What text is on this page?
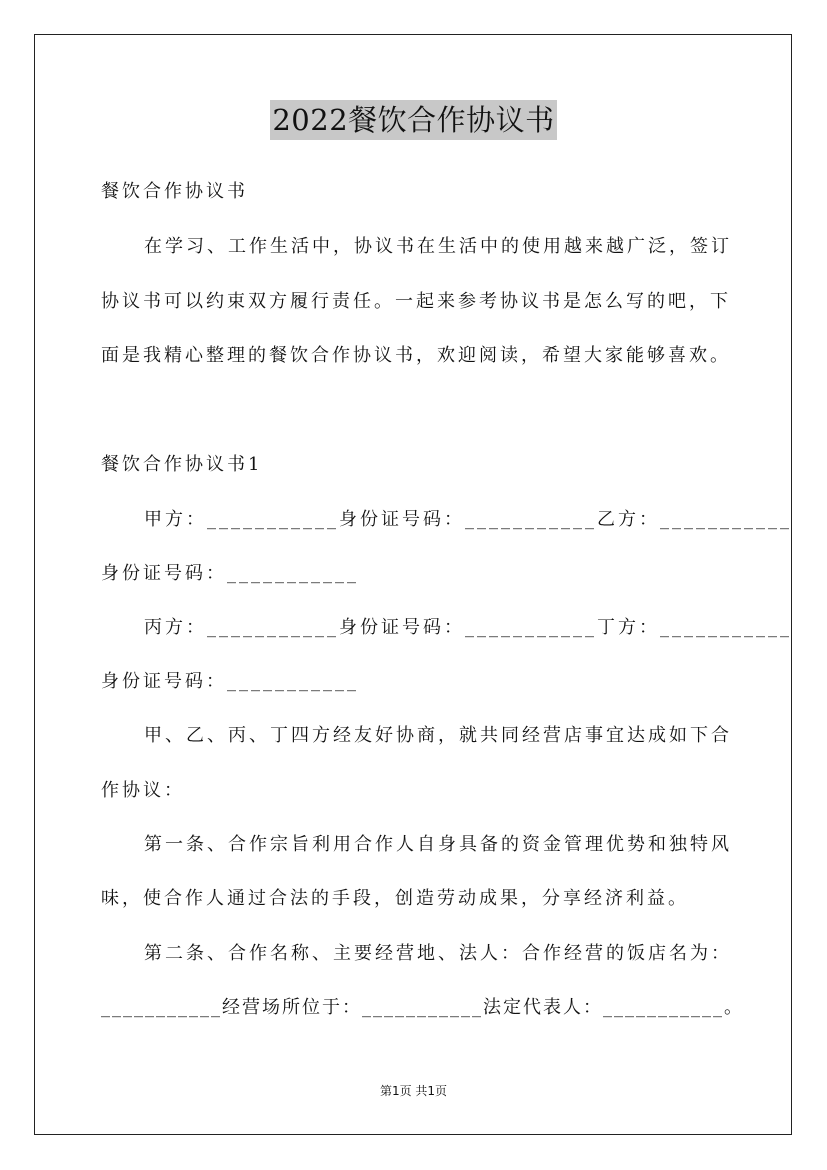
2022餐饮合作协议书
餐饮合作协议书
在学习、工作生活中，协议书在生活中的使用越来越广泛，签订
协议书可以约束双方履行责任。一起来参考协议书是怎么写的吧，下
面是我精心整理的餐饮合作协议书，欢迎阅读，希望大家能够喜欢。
餐饮合作协议书1
甲方：___________身份证号码：___________乙方：___________
身份证号码：___________
丙方：___________身份证号码：___________丁方：___________
身份证号码：___________
甲、乙、丙、丁四方经友好协商，就共同经营店事宜达成如下合
作协议：
第一条、合作宗旨利用合作人自身具备的资金管理优势和独特风
味，使合作人通过合法的手段，创造劳动成果，分享经济利益。
第二条、合作名称、主要经营地、法人：合作经营的饭店名为：
___________经营场所位于：___________法定代表人：___________。
第1页 共1页
